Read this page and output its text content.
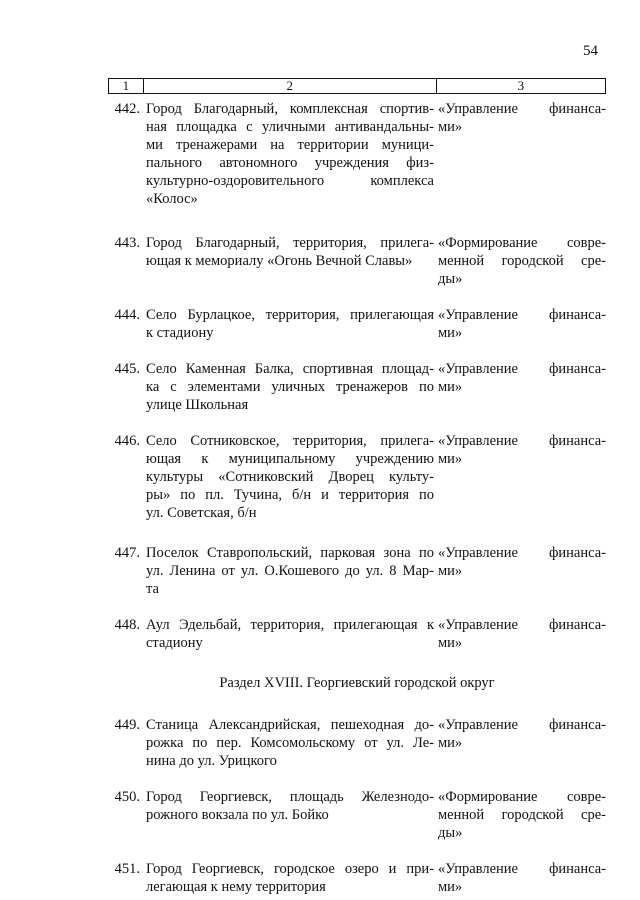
54
1	2	3
442. Город Благодарный, комплексная спортив-
ная площадка с уличными антивандальны-
ми тренажерами на территории муници-
пального автономного учреждения физ-
культурно-оздоровительного комплекса
«Колос»
«Управление финанса-
ми»
443. Город Благодарный, территория, прилега-
ющая к мемориалу «Огонь Вечной Славы»
«Формирование совре-
менной городской сре-
ды»
444. Село Бурлацкое, территория, прилегающая
к стадиону
«Управление финанса-
ми»
445. Село Каменная Балка, спортивная площад-
ка с элементами уличных тренажеров по
улице Школьная
«Управление финанса-
ми»
446. Село Сотниковское, территория, прилега-
ющая к муниципальному учреждению
культуры «Сотниковский Дворец культу-
ры» по пл. Тучина, б/н и территория по
ул. Советская, б/н
«Управление финанса-
ми»
447. Поселок Ставропольский, парковая зона по
ул. Ленина от ул. О.Кошевого до ул. 8 Мар-
та
«Управление финанса-
ми»
448. Аул Эдельбай, территория, прилегающая к
стадиону
«Управление финанса-
ми»
Раздел XVIII. Георгиевский городской округ
449. Станица Александрийская, пешеходная до-
рожка по пер. Комсомольскому от ул. Ле-
нина до ул. Урицкого
«Управление финанса-
ми»
450. Город Георгиевск, площадь Железнодо-
рожного вокзала по ул. Бойко
«Формирование совре-
менной городской сре-
ды»
451. Город Георгиевск, городское озеро и при-
легающая к нему территория
«Управление финанса-
ми»
